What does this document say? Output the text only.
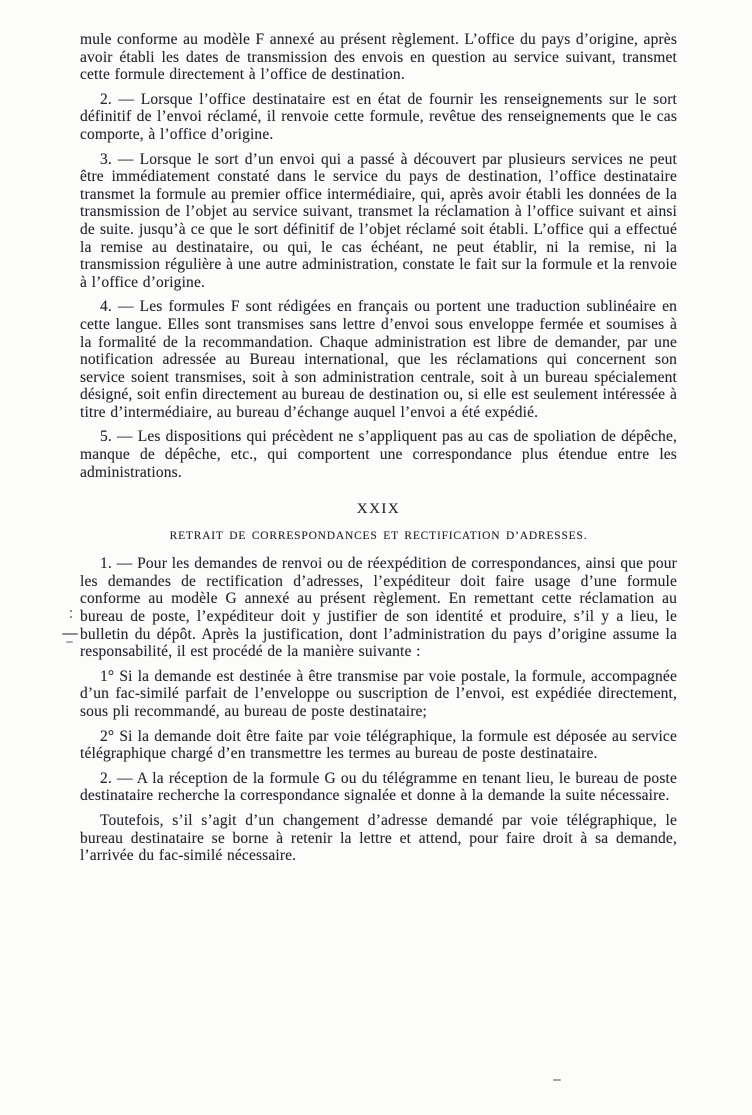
mule conforme au modèle F annexé au présent règlement. L’office du pays d’origine, après avoir établi les dates de transmission des envois en question au service suivant, transmet cette formule directement à l’office de destination.

2. — Lorsque l’office destinataire est en état de fournir les renseignements sur le sort définitif de l’envoi réclamé, il renvoie cette formule, revêtue des renseignements que le cas comporte, à l’office d’origine.

3. — Lorsque le sort d’un envoi qui a passé à découvert par plusieurs services ne peut être immédiatement constaté dans le service du pays de destination, l’office destinataire transmet la formule au premier office intermédiaire, qui, après avoir établi les données de la transmission de l’objet au service suivant, transmet la réclamation à l’office suivant et ainsi de suite. jusqu’à ce que le sort définitif de l’objet réclamé soit établi. L’office qui a effectué la remise au destinataire, ou qui, le cas échéant, ne peut établir, ni la remise, ni la transmission régulière à une autre administration, constate le fait sur la formule et la renvoie à l’office d’origine.

4. — Les formules F sont rédigées en français ou portent une traduction sublinéaire en cette langue. Elles sont transmises sans lettre d’envoi sous enveloppe fermée et soumises à la formalité de la recommandation. Chaque administration est libre de demander, par une notification adressée au Bureau international, que les réclamations qui concernent son service soient transmises, soit à son administration centrale, soit à un bureau spécialement désigné, soit enfin directement au bureau de destination ou, si elle est seulement intéressée à titre d’intermédiaire, au bureau d’échange auquel l’envoi a été expédié.

5. — Les dispositions qui précèdent ne s’appliquent pas au cas de spoliation de dépêche, manque de dépêche, etc., qui comportent une correspondance plus étendue entre les administrations.

XXIX
RETRAIT DE CORRESPONDANCES ET RECTIFICATION D’ADRESSES.

1. — Pour les demandes de renvoi ou de réexpédition de correspondances, ainsi que pour les demandes de rectification d’adresses, l’expéditeur doit faire usage d’une formule conforme au modèle G annexé au présent règlement. En remettant cette réclamation au bureau de poste, l’expéditeur doit y justifier de son identité et produire, s’il y a lieu, le bulletin du dépôt. Après la justification, dont l’administration du pays d’origine assume la responsabilité, il est procédé de la manière suivante :

1° Si la demande est destinée à être transmise par voie postale, la formule, accompagnée d’un fac-similé parfait de l’enveloppe ou suscription de l’envoi, est expédiée directement, sous pli recommandé, au bureau de poste destinataire;

2° Si la demande doit être faite par voie télégraphique, la formule est déposée au service télégraphique chargé d’en transmettre les termes au bureau de poste destinataire.

2. — A la réception de la formule G ou du télégramme en tenant lieu, le bureau de poste destinataire recherche la correspondance signalée et donne à la demande la suite nécessaire.

Toutefois, s’il s’agit d’un changement d’adresse demandé par voie télégraphique, le bureau destinataire se borne à retenir la lettre et attend, pour faire droit à sa demande, l’arrivée du fac-similé nécessaire.
